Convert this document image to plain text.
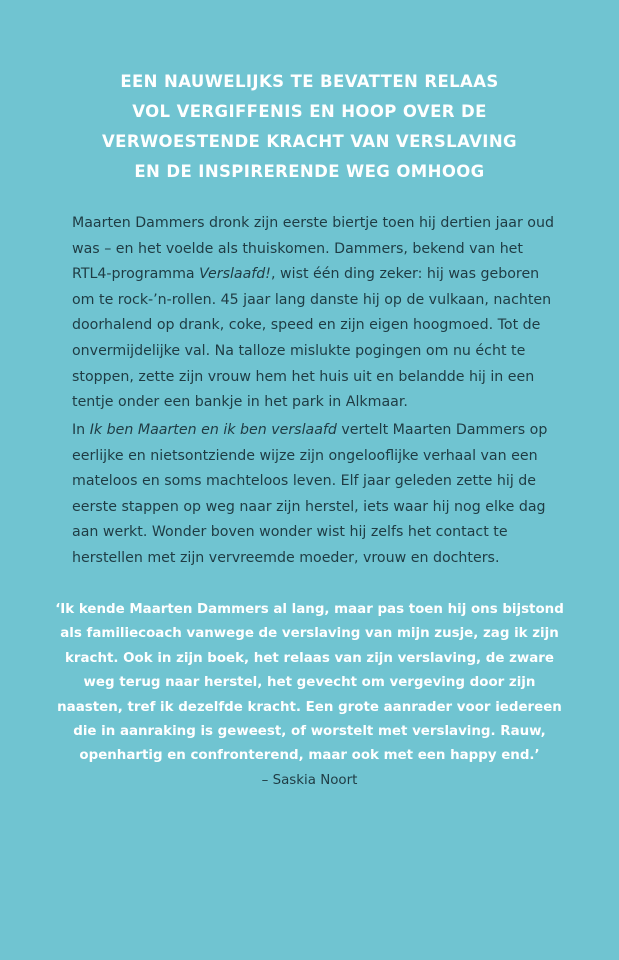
EEN NAUWELIJKS TE BEVATTEN RELAAS
VOL VERGIFFENIS EN HOOP OVER DE
VERWOESTENDE KRACHT VAN VERSLAVING
EN DE INSPIRERENDE WEG OMHOOG
Maarten Dammers dronk zijn eerste biertje toen hij dertien jaar oud
was – en het voelde als thuiskomen. Dammers, bekend van het
RTL4-programma Verslaafd!, wist één ding zeker: hij was geboren
om te rock-’n-rollen. 45 jaar lang danste hij op de vulkaan, nachten
doorhalend op drank, coke, speed en zijn eigen hoogmoed. Tot de
onvermijdelijke val. Na talloze mislukte pogingen om nu écht te
stoppen, zette zijn vrouw hem het huis uit en belandde hij in een
tentje onder een bankje in het park in Alkmaar.
In Ik ben Maarten en ik ben verslaafd vertelt Maarten Dammers op
eerlijke en nietsontziende wijze zijn ongelooflijke verhaal van een
mateloos en soms machteloos leven. Elf jaar geleden zette hij de
eerste stappen op weg naar zijn herstel, iets waar hij nog elke dag
aan werkt. Wonder boven wonder wist hij zelfs het contact te
herstellen met zijn vervreemde moeder, vrouw en dochters.
‘Ik kende Maarten Dammers al lang, maar pas toen hij ons bijstond
als familiecoach vanwege de verslaving van mijn zusje, zag ik zijn
kracht. Ook in zijn boek, het relaas van zijn verslaving, de zware
weg terug naar herstel, het gevecht om vergeving door zijn
naasten, tref ik dezelfde kracht. Een grote aanrader voor iedereen
die in aanraking is geweest, of worstelt met verslaving. Rauw,
openhartig en confronterend, maar ook met een happy end.’
– Saskia Noort
